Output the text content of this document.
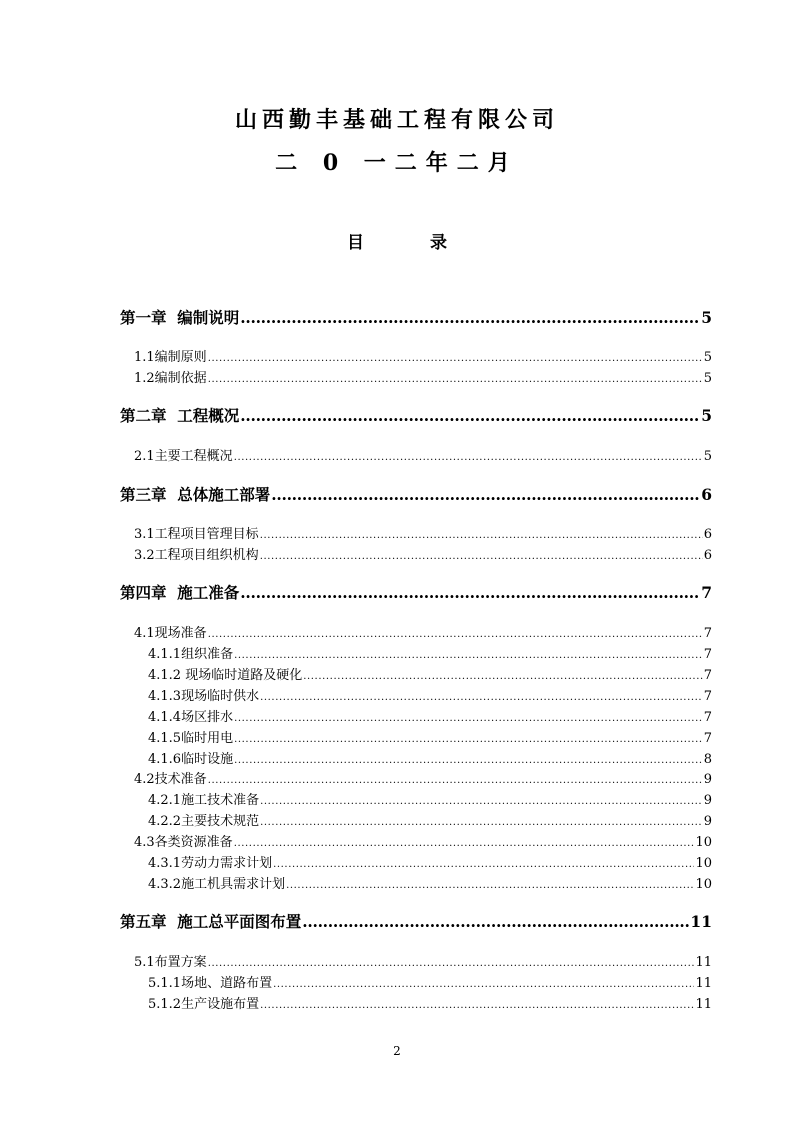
山西勤丰基础工程有限公司
二 0 一二年二月
目 录
第一章  编制说明 .....	5
1.1编制原则 .....	5
1.2编制依据 .....	5
第二章  工程概况 .....	5
2.1主要工程概况 .....	5
第三章  总体施工部署 .....	6
3.1工程项目管理目标 .....	6
3.2工程项目组织机构 .....	6
第四章  施工准备 .....	7
4.1现场准备 .....	7
4.1.1组织准备 .....	7
4.1.2 现场临时道路及硬化 .....	7
4.1.3现场临时供水 .....	7
4.1.4场区排水 .....	7
4.1.5临时用电 .....	7
4.1.6临时设施 .....	8
4.2技术准备 .....	9
4.2.1施工技术准备 .....	9
4.2.2主要技术规范 .....	9
4.3各类资源准备 .....	10
4.3.1劳动力需求计划 .....	10
4.3.2施工机具需求计划 .....	10
第五章  施工总平面图布置 .....	11
5.1布置方案 .....	11
5.1.1场地、道路布置 .....	11
5.1.2生产设施布置 .....	11
2
